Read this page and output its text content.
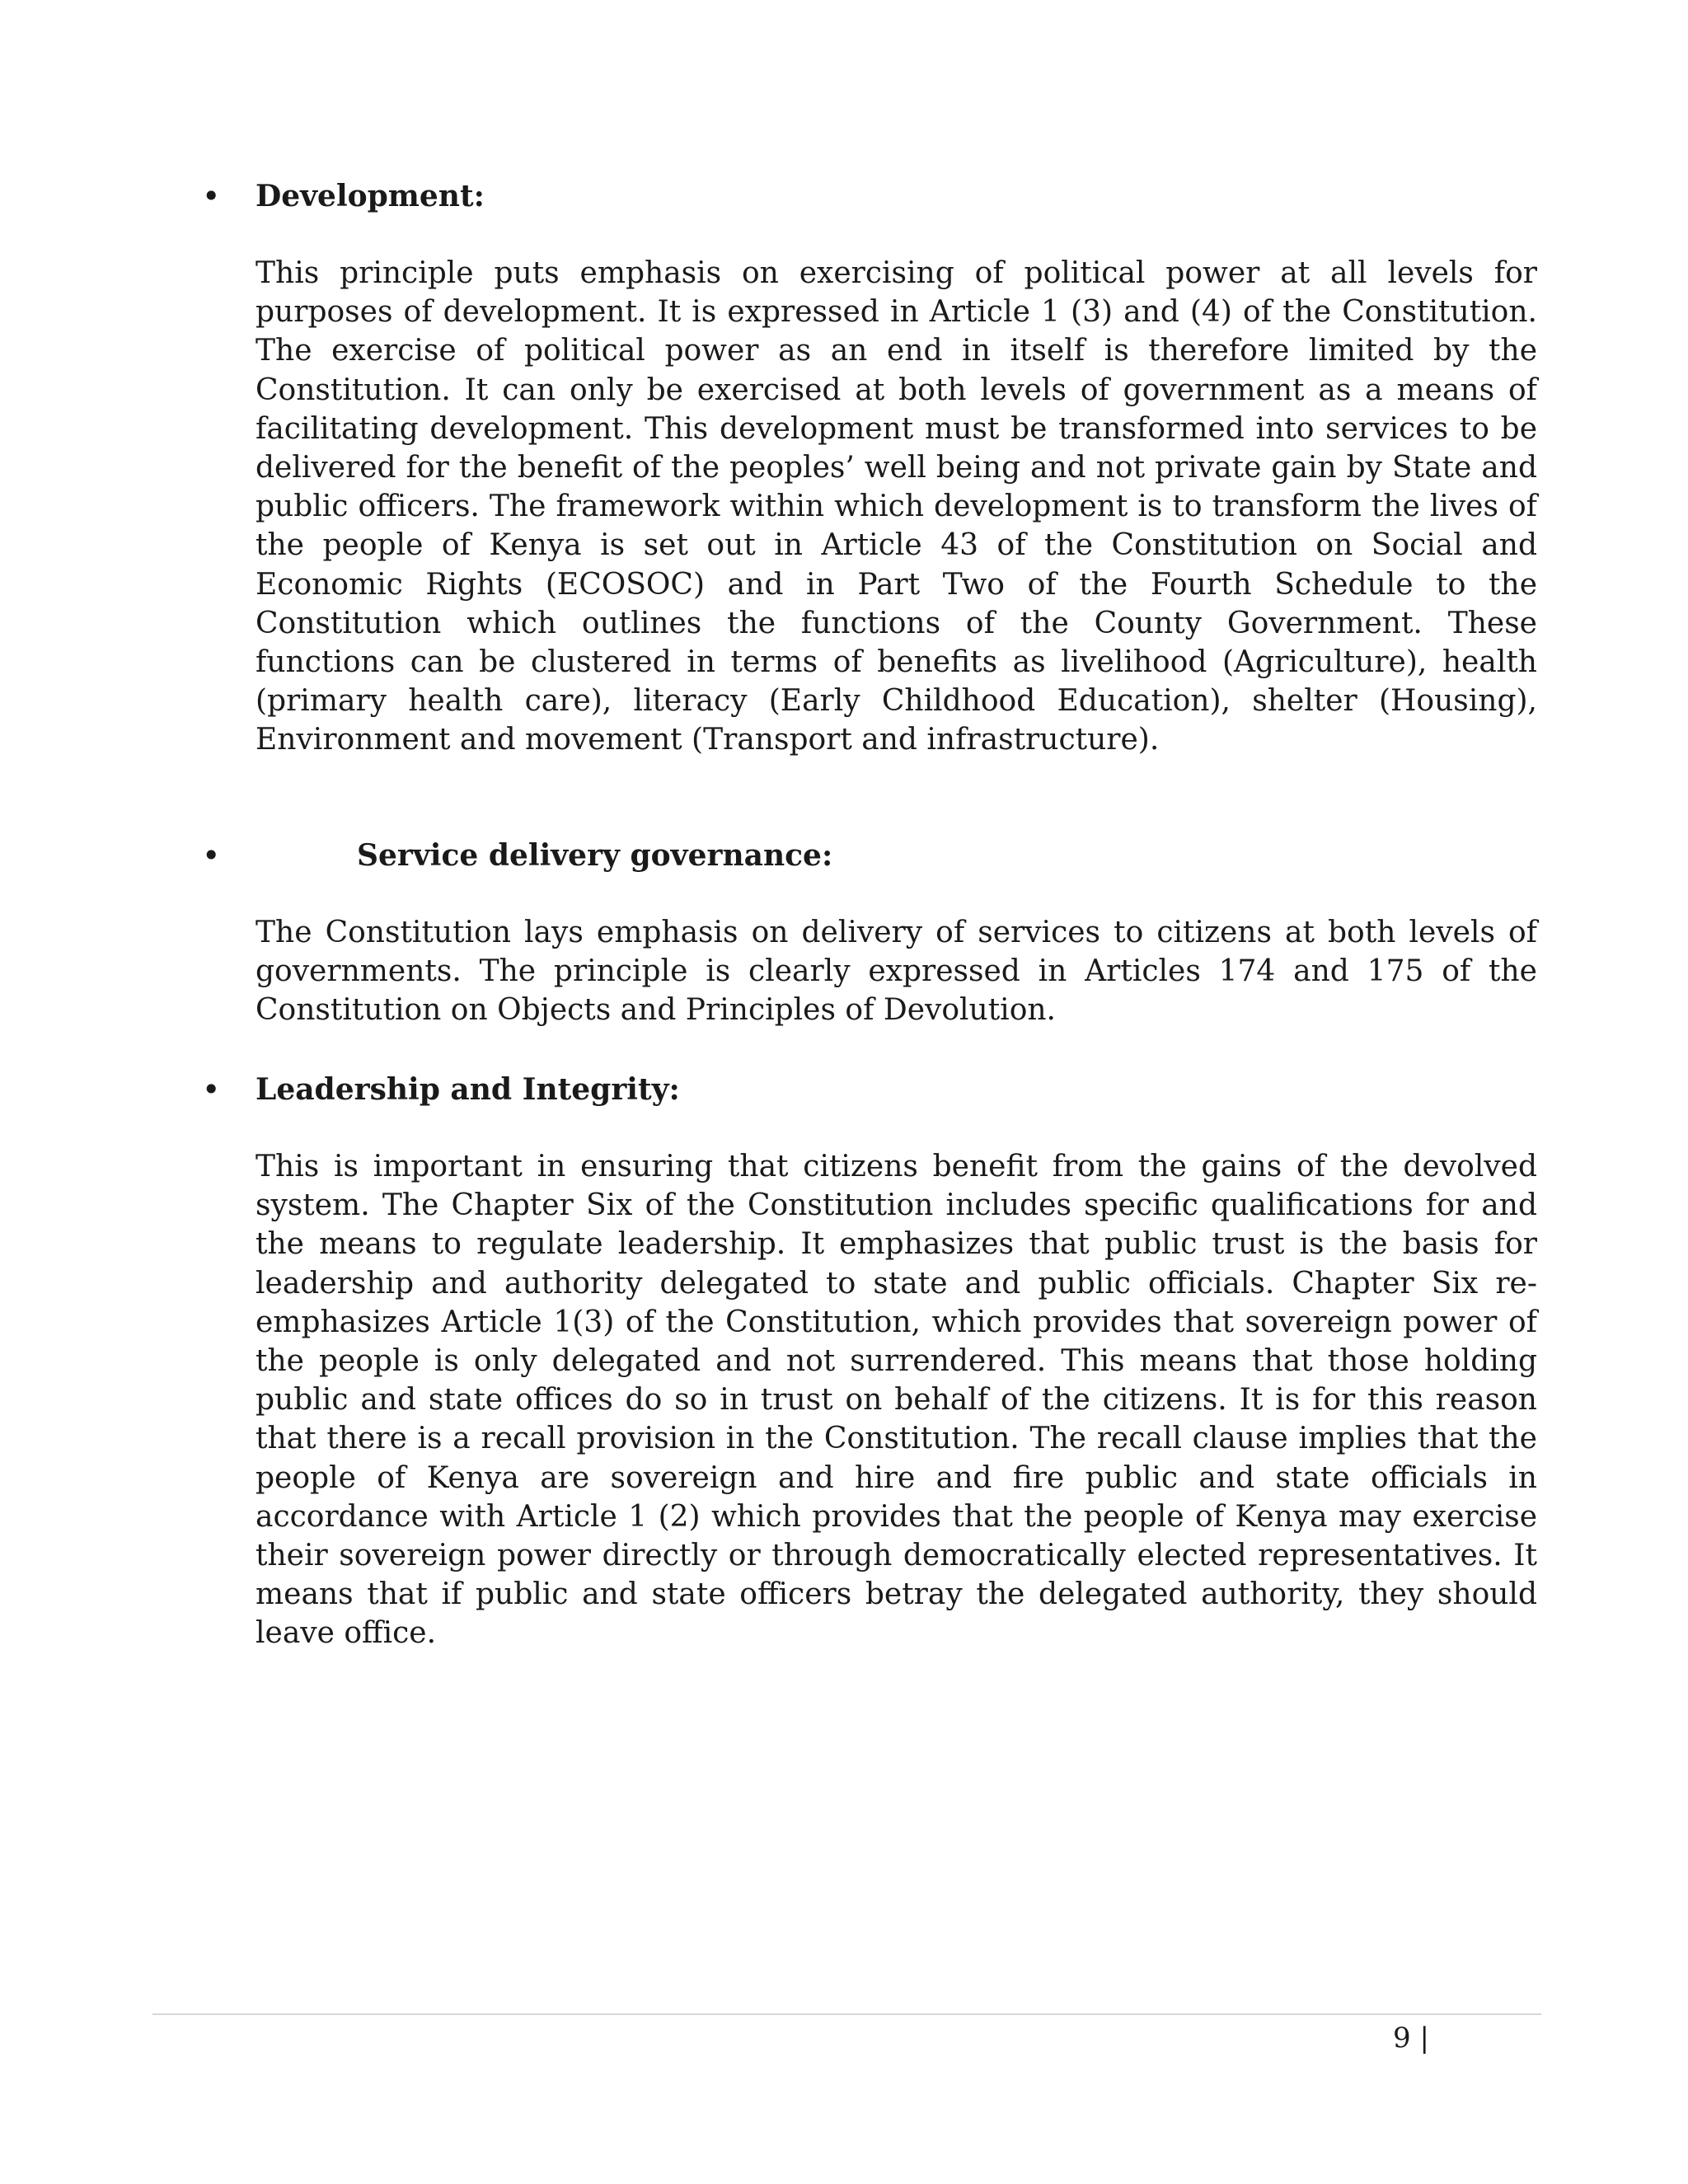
• Development:

This principle puts emphasis on exercising of political power at all levels for purposes of development. It is expressed in Article 1 (3) and (4) of the Constitution. The exercise of political power as an end in itself is therefore limited by the Constitution. It can only be exercised at both levels of government as a means of facilitating development. This development must be transformed into services to be delivered for the benefit of the peoples’ well being and not private gain by State and public officers. The framework within which development is to transform the lives of the people of Kenya is set out in Article 43 of the Constitution on Social and Economic Rights (ECOSOC) and in Part Two of the Fourth Schedule to the Constitution which outlines the functions of the County Government. These functions can be clustered in terms of benefits as livelihood (Agriculture), health (primary health care), literacy (Early Childhood Education), shelter (Housing), Environment and movement (Transport and infrastructure).

•	Service delivery governance:

The Constitution lays emphasis on delivery of services to citizens at both levels of governments. The principle is clearly expressed in Articles 174 and 175 of the Constitution on Objects and Principles of Devolution.

• Leadership and Integrity:

This is important in ensuring that citizens benefit from the gains of the devolved system. The Chapter Six of the Constitution includes specific qualifications for and the means to regulate leadership. It emphasizes that public trust is the basis for leadership and authority delegated to state and public officials. Chapter Six re-emphasizes Article 1(3) of the Constitution, which provides that sovereign power of the people is only delegated and not surrendered. This means that those holding public and state offices do so in trust on behalf of the citizens. It is for this reason that there is a recall provision in the Constitution. The recall clause implies that the people of Kenya are sovereign and hire and fire public and state officials in accordance with Article 1 (2) which provides that the people of Kenya may exercise their sovereign power directly or through democratically elected representatives. It means that if public and state officers betray the delegated authority, they should leave office.

9 |
